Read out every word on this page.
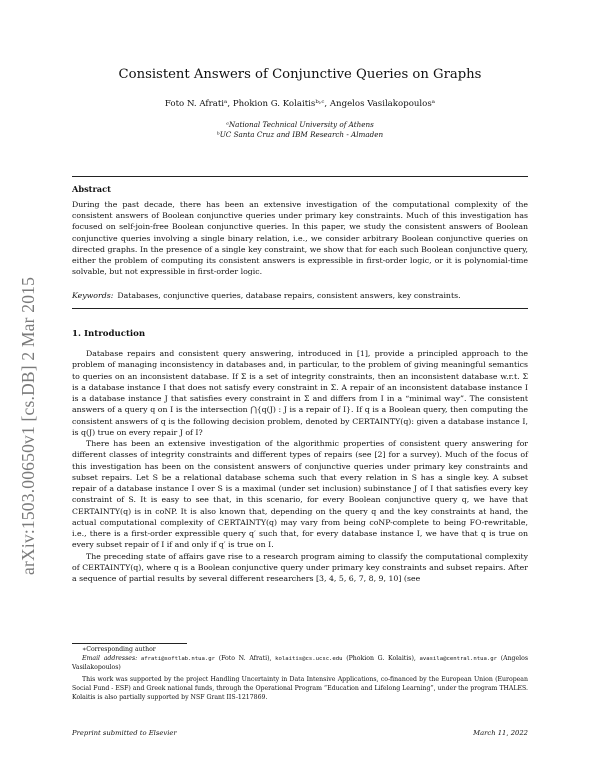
arXiv:1503.00650v1 [cs.DB] 2 Mar 2015
Consistent Answers of Conjunctive Queries on Graphs
Foto N. Afratiᵃ, Phokion G. Kolaitisᵇ˒ᶜ, Angelos Vasilakopoulosᵃ
ᵃNational Technical University of Athens
ᵇUC Santa Cruz and IBM Research - Almaden
Abstract
During the past decade, there has been an extensive investigation of the computational complexity of the consistent answers of Boolean conjunctive queries under primary key constraints. Much of this investigation has focused on self-join-free Boolean conjunctive queries. In this paper, we study the consistent answers of Boolean conjunctive queries involving a single binary relation, i.e., we consider arbitrary Boolean conjunctive queries on directed graphs. In the presence of a single key constraint, we show that for each such Boolean conjunctive query, either the problem of computing its consistent answers is expressible in first-order logic, or it is polynomial-time solvable, but not expressible in first-order logic.
Keywords: Databases, conjunctive queries, database repairs, consistent answers, key constraints.
1. Introduction

Database repairs and consistent query answering, introduced in [1], provide a principled approach to the problem of managing inconsistency in databases and, in particular, to the problem of giving meaningful semantics to queries on an inconsistent database. If Σ is a set of integrity constraints, then an inconsistent database w.r.t. Σ is a database instance I that does not satisfy every constraint in Σ. A repair of an inconsistent database instance I is a database instance J that satisfies every constraint in Σ and differs from I in a “minimal way”. The consistent answers of a query q on I is the intersection ⋂{q(J) : J is a repair of I}. If q is a Boolean query, then computing the consistent answers of q is the following decision problem, denoted by CERTAINTY(q): given a database instance I, is q(J) true on every repair J of I?

There has been an extensive investigation of the algorithmic properties of consistent query answering for different classes of integrity constraints and different types of repairs (see [2] for a survey). Much of the focus of this investigation has been on the consistent answers of conjunctive queries under primary key constraints and subset repairs. Let S be a relational database schema such that every relation in S has a single key. A subset repair of a database instance I over S is a maximal (under set inclusion) subinstance J of I that satisfies every key constraint of S. It is easy to see that, in this scenario, for every Boolean conjunctive query q, we have that CERTAINTY(q) is in coNP. It is also known that, depending on the query q and the key constraints at hand, the actual computational complexity of CERTAINTY(q) may vary from being coNP-complete to being FO-rewritable, i.e., there is a first-order expressible query q′ such that, for every database instance I, we have that q is true on every subset repair of I if and only if q′ is true on I.

The preceding state of affairs gave rise to a research program aiming to classify the computational complexity of CERTAINTY(q), where q is a Boolean conjunctive query under primary key constraints and subset repairs. After a sequence of partial results by several different researchers [3, 4, 5, 6, 7, 8, 9, 10] (see

∗Corresponding author
Email addresses: afrati@softlab.ntua.gr (Foto N. Afrati), kolaitis@cs.ucsc.edu (Phokion G. Kolaitis), avasila@central.ntua.gr (Angelos Vasilakopoulos)
This work was supported by the project Handling Uncertainty in Data Intensive Applications, co-financed by the European Union (European Social Fund - ESF) and Greek national funds, through the Operational Program “Education and Lifelong Learning”, under the program THALES. Kolaitis is also partially supported by NSF Grant IIS-1217869.
Preprint submitted to Elsevier	March 11, 2022
